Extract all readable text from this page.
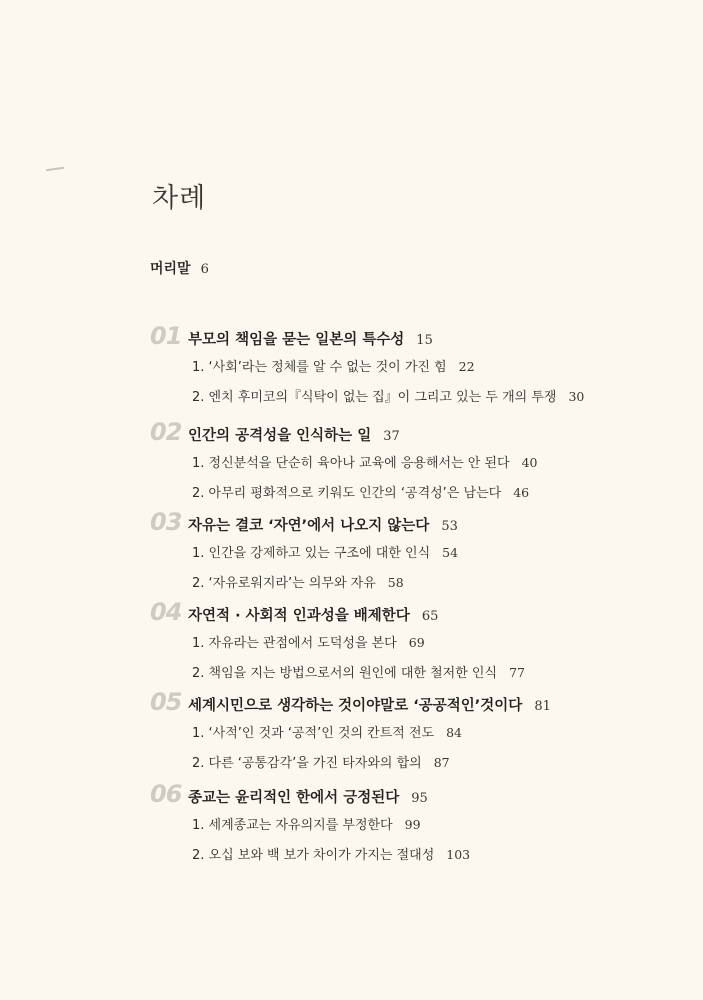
차례
머리말 6
01 부모의 책임을 묻는 일본의 특수성 15
1. ‘사회’라는 정체를 알 수 없는 것이 가진 힘 22
2. 엔치 후미코의『식탁이 없는 집』이 그리고 있는 두 개의 투쟁 30
02 인간의 공격성을 인식하는 일 37
1. 정신분석을 단순히 육아나 교육에 응용해서는 안 된다 40
2. 아무리 평화적으로 키워도 인간의 ‘공격성’은 남는다 46
03 자유는 결코 ‘자연’에서 나오지 않는다 53
1. 인간을 강제하고 있는 구조에 대한 인식 54
2. ‘자유로워지라’는 의무와 자유 58
04 자연적 · 사회적 인과성을 배제한다 65
1. 자유라는 관점에서 도덕성을 본다 69
2. 책임을 지는 방법으로서의 원인에 대한 철저한 인식 77
05 세계시민으로 생각하는 것이야말로 ‘공공적인’것이다 81
1. ‘사적’인 것과 ‘공적’인 것의 칸트적 전도 84
2. 다른 ‘공통감각’을 가진 타자와의 합의 87
06 종교는 윤리적인 한에서 긍정된다 95
1. 세계종교는 자유의지를 부정한다 99
2. 오십 보와 백 보가 차이가 가지는 절대성 103
